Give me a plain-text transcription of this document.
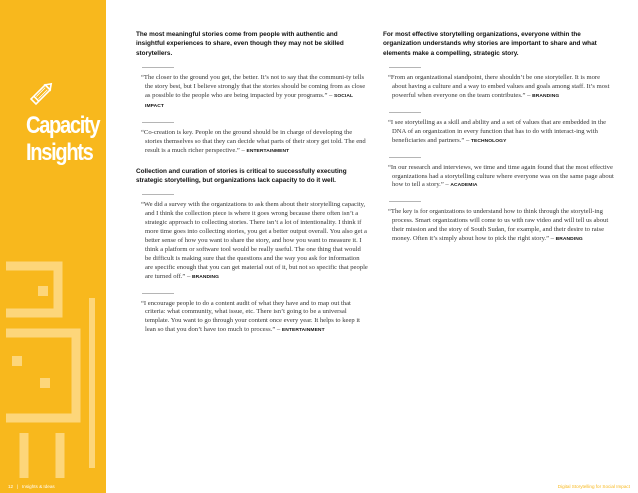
Capacity
Insights
12   |   Insights & Ideas	Digital Storytelling for Social Impact

The most meaningful stories come from people with authentic and insightful experiences to share, even though they may not be skilled storytellers.

“The closer to the ground you get, the better. It’s not to say that the communi-ty tells the story best, but I believe strongly that the stories should be coming from as close as possible to the people who are being impacted by your programs.” – SOCIAL IMPACT

“Co-creation is key. People on the ground should be in charge of developing the stories themselves so that they can decide what parts of their story get told. The end result is a much richer perspective.” – ENTERTAINMENT

Collection and curation of stories is critical to successfully executing strategic storytelling, but organizations lack capacity to do it well.

“We did a survey with the organizations to ask them about their storytelling capacity, and I think the collection piece is where it goes wrong because there often isn’t a strategic approach to collecting stories. There isn’t a lot of intentionality. I think if more time goes into collecting stories, you get a better output overall. You also get a better sense of how you want to share the story, and how you want to measure it. I think a platform or software tool would be really useful. The one thing that would be difficult is making sure that the questions and the way you ask for information are specific enough that you can get material out of it, but not so specific that people are turned off.” – BRANDING

“I encourage people to do a content audit of what they have and to map out that criteria: what community, what issue, etc. There isn’t going to be a universal template. You want to go through your content once every year. It helps to keep it lean so that you don’t have too much to process.” – ENTERTAINMENT

For most effective storytelling organizations, everyone within the organization understands why stories are important to share and what elements make a compelling, strategic story.

“From an organizational standpoint, there shouldn’t be one storyteller. It is more about having a culture and a way to embed values and goals among staff. It’s most powerful when everyone on the team contributes.” – BRANDING

“I see storytelling as a skill and ability and a set of values that are embedded in the DNA of an organization in every function that has to do with interact-ing with beneficiaries and partners.” – TECHNOLOGY

“In our research and interviews, we time and time again found that the most effective organizations had a storytelling culture where everyone was on the same page about how to tell a story.” – ACADEMIA

“The key is for organizations to understand how to think through the storytell-ing process. Smart organizations will come to us with raw video and will tell us about their mission and the story of South Sudan, for example, and their desire to raise money. Often it’s simply about how to pick the right story.” – BRANDING
